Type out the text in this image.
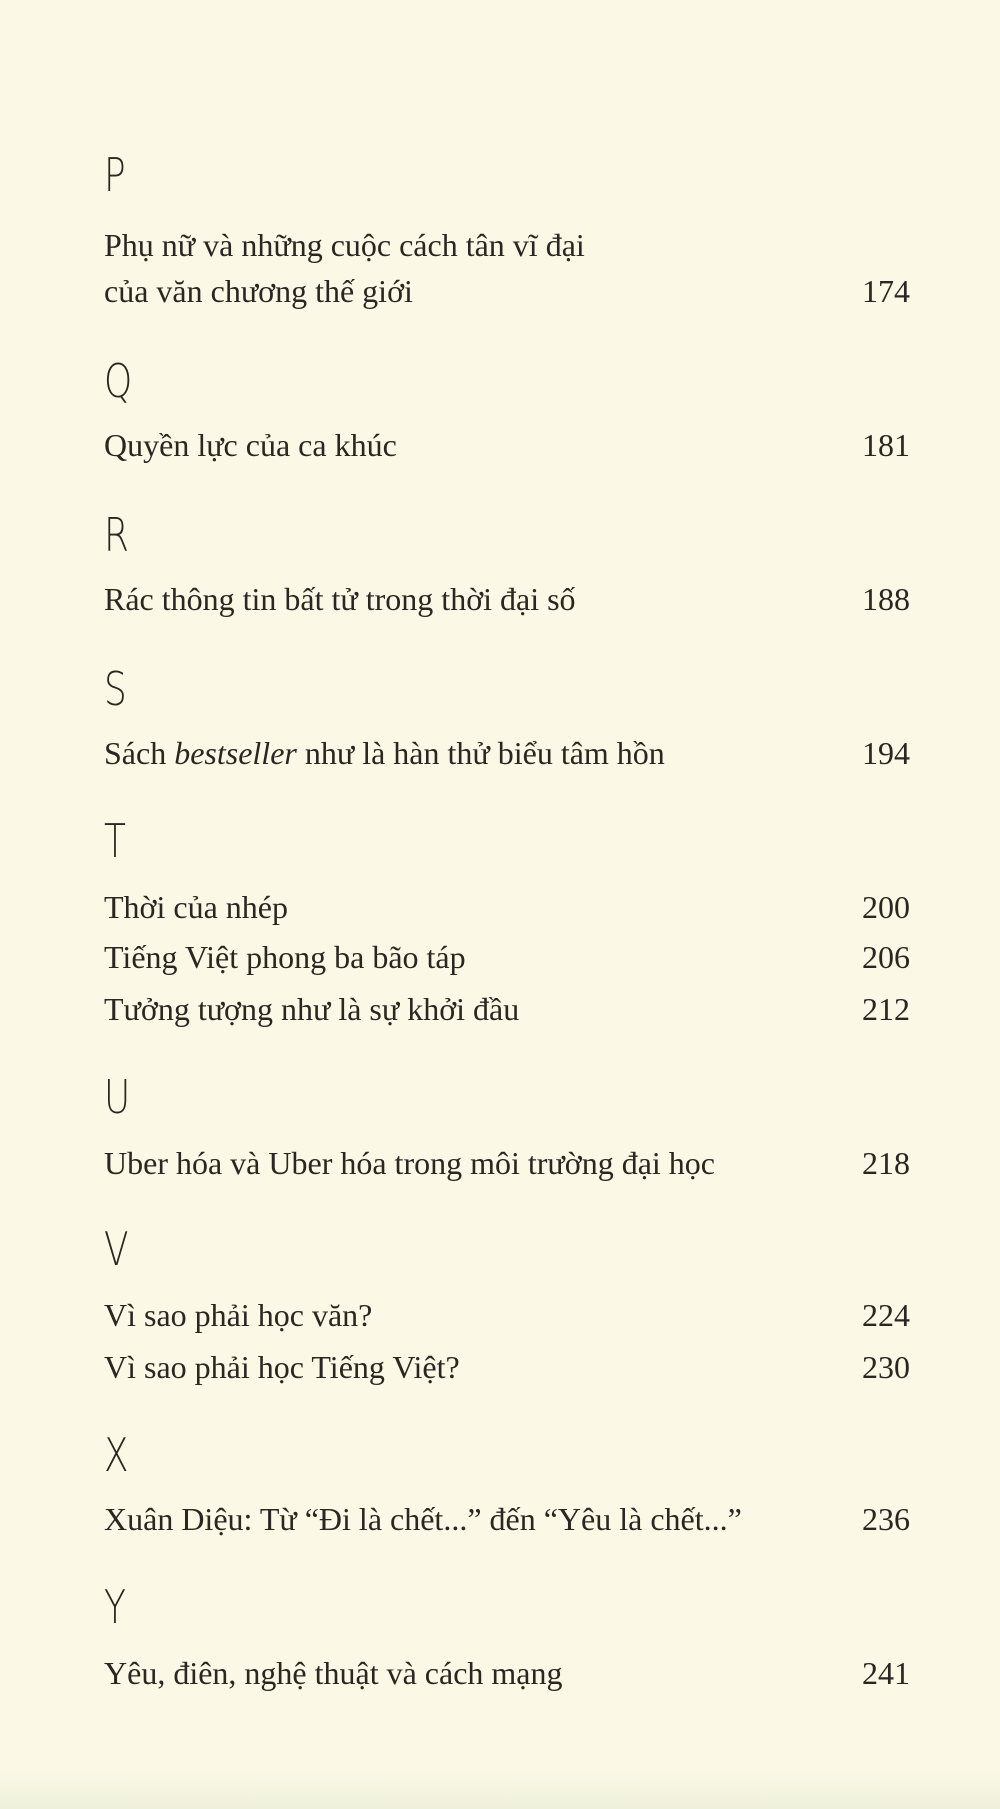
P
Phụ nữ và những cuộc cách tân vĩ đại
của văn chương thế giới	174
Q
Quyền lực của ca khúc	181
R
Rác thông tin bất tử trong thời đại số	188
S
Sách bestseller như là hàn thử biểu tâm hồn	194
T
Thời của nhép	200
Tiếng Việt phong ba bão táp	206
Tưởng tượng như là sự khởi đầu	212
U
Uber hóa và Uber hóa trong môi trường đại học	218
V
Vì sao phải học văn?	224
Vì sao phải học Tiếng Việt?	230
X
Xuân Diệu: Từ “Đi là chết...” đến “Yêu là chết...”	236
Y
Yêu, điên, nghệ thuật và cách mạng	241
